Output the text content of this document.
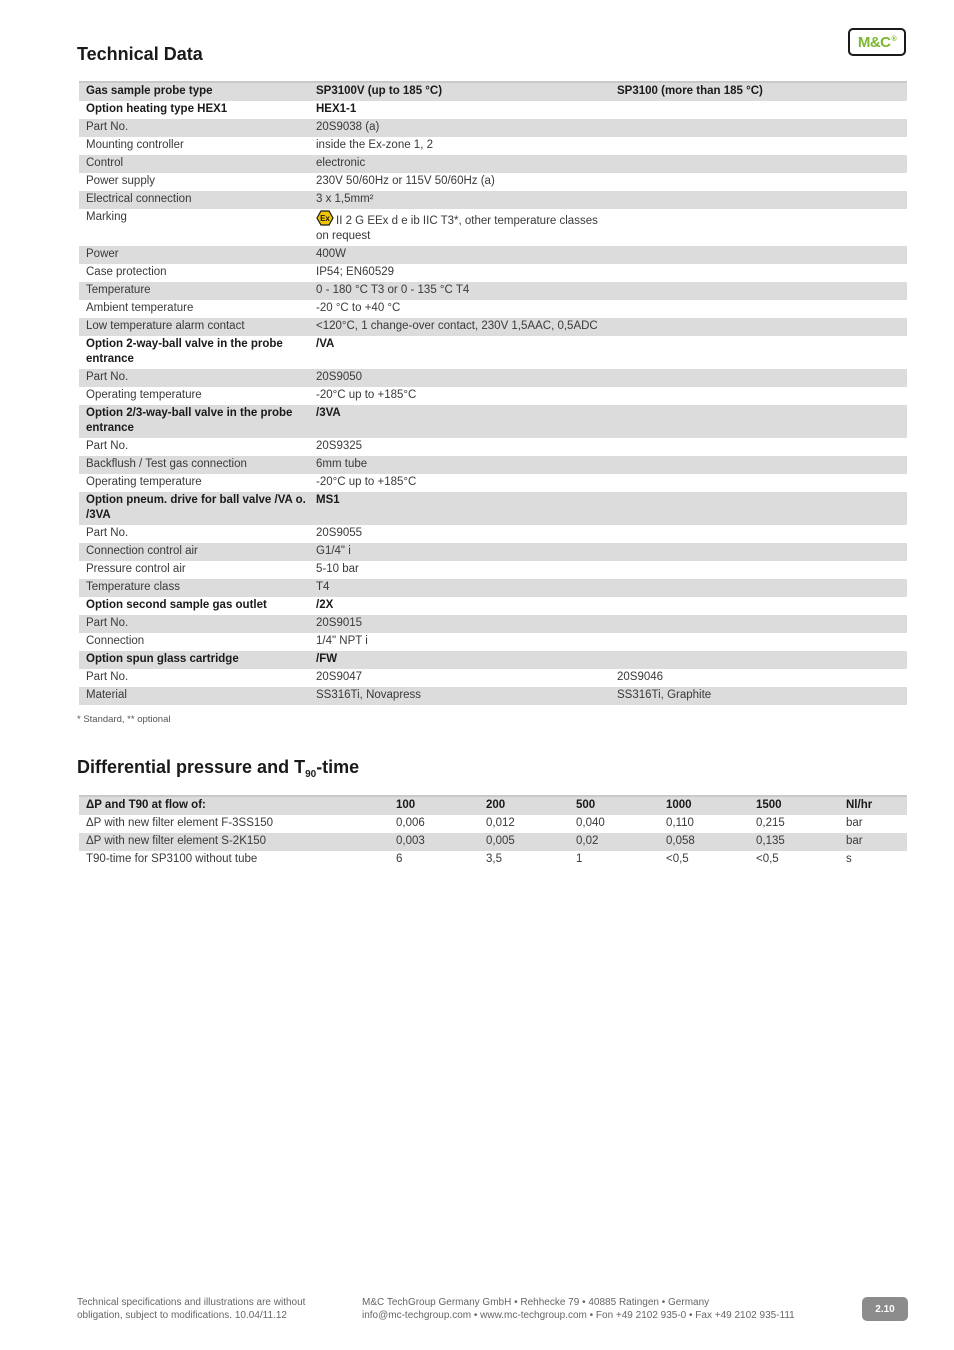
Technical Data
M&C ®
Gas sample probe type	SP3100V (up to 185 °C)	SP3100 (more than 185 °C)
Option heating type HEX1	HEX1-1	
Part No.	20S9038 (a)	
Mounting controller	inside the Ex-zone 1, 2	
Control	electronic	
Power supply	230V 50/60Hz or 115V 50/60Hz (a)	
Electrical connection	3 x 1,5mm²	
Marking	Ex II 2 G EEx d e ib IIC T3*, other temperature classes on request	
Power	400W	
Case protection	IP54; EN60529	
Temperature	0 - 180 °C T3 or 0 - 135 °C T4	
Ambient temperature	-20 °C to +40 °C	
Low temperature alarm contact	<120°C, 1 change-over contact, 230V 1,5AAC, 0,5ADC	
Option 2-way-ball valve in the probe entrance	/VA	
Part No.	20S9050	
Operating temperature	-20°C up to +185°C	
Option 2/3-way-ball valve in the probe entrance	/3VA	
Part No.	20S9325	
Backflush / Test gas connection	6mm tube	
Operating temperature	-20°C up to +185°C	
Option pneum. drive for ball valve /VA o. /3VA	MS1	
Part No.	20S9055	
Connection control air	G1/4" i	
Pressure control air	5-10 bar	
Temperature class	T4	
Option second sample gas outlet	/2X	
Part No.	20S9015	
Connection	1/4" NPT i	
Option spun glass cartridge	/FW	
Part No.	20S9047	20S9046
Material	SS316Ti, Novapress	SS316Ti, Graphite
* Standard, ** optional
Differential pressure and $T_{90}$-time
ΔP and T90 at flow of:	100	200	500	1000	1500	Nl/hr
ΔP with new filter element F-3SS150	0,006	0,012	0,040	0,110	0,215	bar
ΔP with new filter element S-2K150	0,003	0,005	0,02	0,058	0,135	bar
T90-time for SP3100 without tube	6	3,5	1	<0,5	<0,5	s
Technical specifications and illustrations are without obligation, subject to modifications. 10.04/11.12
M&C TechGroup Germany GmbH • Rehhecke 79 • 40885 Ratingen • Germany
info@mc-techgroup.com • www.mc-techgroup.com • Fon +49 2102 935-0 • Fax +49 2102 935-111
2.10
